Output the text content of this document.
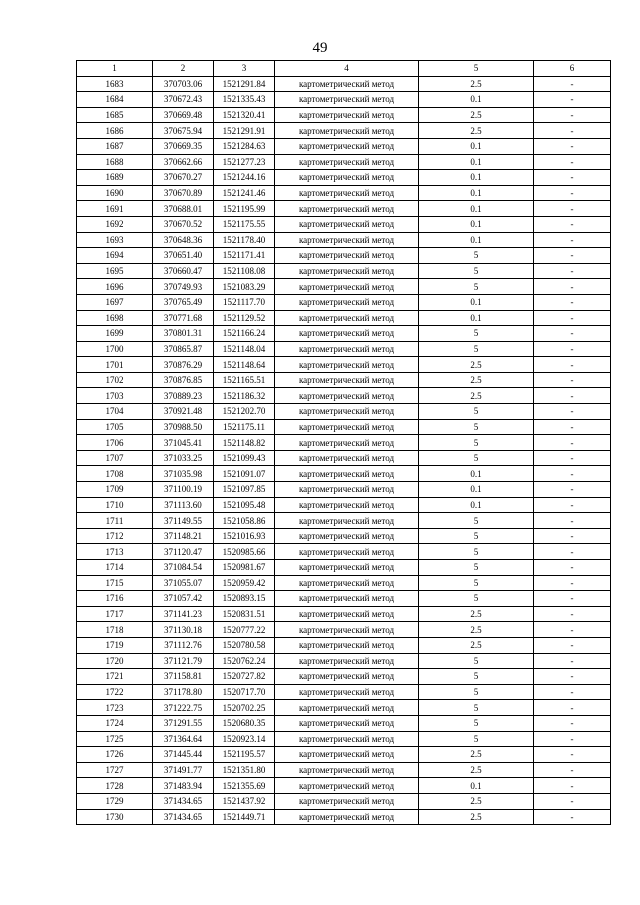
49
1	2	3	4	5	6
1683	370703.06	1521291.84	картометрический метод	2.5	-
1684	370672.43	1521335.43	картометрический метод	0.1	-
1685	370669.48	1521320.41	картометрический метод	2.5	-
1686	370675.94	1521291.91	картометрический метод	2.5	-
1687	370669.35	1521284.63	картометрический метод	0.1	-
1688	370662.66	1521277.23	картометрический метод	0.1	-
1689	370670.27	1521244.16	картометрический метод	0.1	-
1690	370670.89	1521241.46	картометрический метод	0.1	-
1691	370688.01	1521195.99	картометрический метод	0.1	-
1692	370670.52	1521175.55	картометрический метод	0.1	-
1693	370648.36	1521178.40	картометрический метод	0.1	-
1694	370651.40	1521171.41	картометрический метод	5	-
1695	370660.47	1521108.08	картометрический метод	5	-
1696	370749.93	1521083.29	картометрический метод	5	-
1697	370765.49	1521117.70	картометрический метод	0.1	-
1698	370771.68	1521129.52	картометрический метод	0.1	-
1699	370801.31	1521166.24	картометрический метод	5	-
1700	370865.87	1521148.04	картометрический метод	5	-
1701	370876.29	1521148.64	картометрический метод	2.5	-
1702	370876.85	1521165.51	картометрический метод	2.5	-
1703	370889.23	1521186.32	картометрический метод	2.5	-
1704	370921.48	1521202.70	картометрический метод	5	-
1705	370988.50	1521175.11	картометрический метод	5	-
1706	371045.41	1521148.82	картометрический метод	5	-
1707	371033.25	1521099.43	картометрический метод	5	-
1708	371035.98	1521091.07	картометрический метод	0.1	-
1709	371100.19	1521097.85	картометрический метод	0.1	-
1710	371113.60	1521095.48	картометрический метод	0.1	-
1711	371149.55	1521058.86	картометрический метод	5	-
1712	371148.21	1521016.93	картометрический метод	5	-
1713	371120.47	1520985.66	картометрический метод	5	-
1714	371084.54	1520981.67	картометрический метод	5	-
1715	371055.07	1520959.42	картометрический метод	5	-
1716	371057.42	1520893.15	картометрический метод	5	-
1717	371141.23	1520831.51	картометрический метод	2.5	-
1718	371130.18	1520777.22	картометрический метод	2.5	-
1719	371112.76	1520780.58	картометрический метод	2.5	-
1720	371121.79	1520762.24	картометрический метод	5	-
1721	371158.81	1520727.82	картометрический метод	5	-
1722	371178.80	1520717.70	картометрический метод	5	-
1723	371222.75	1520702.25	картометрический метод	5	-
1724	371291.55	1520680.35	картометрический метод	5	-
1725	371364.64	1520923.14	картометрический метод	5	-
1726	371445.44	1521195.57	картометрический метод	2.5	-
1727	371491.77	1521351.80	картометрический метод	2.5	-
1728	371483.94	1521355.69	картометрический метод	0.1	-
1729	371434.65	1521437.92	картометрический метод	2.5	-
1730	371434.65	1521449.71	картометрический метод	2.5	-
